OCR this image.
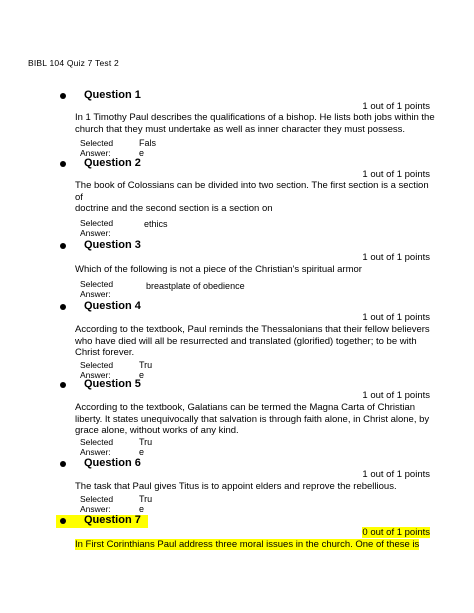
BIBL 104 Quiz 7 Test 2
Question 1
1 out of 1 points
In 1 Timothy Paul describes the qualifications of a bishop. He lists both jobs within the church that they must undertake as well as inner character they must possess.
Selected
Answer:
Fals
e
Question 2
1 out of 1 points
The book of Colossians can be divided into two section. The first section is a section
of
doctrine and the second section is a section on
Selected
Answer:
ethics
Question 3
1 out of 1 points
Which of the following is not a piece of the Christian's spiritual armor
Selected
Answer:
breastplate of obedience
Question 4
1 out of 1 points
According to the textbook, Paul reminds the Thessalonians that their fellow believers who have died will all be resurrected and translated (glorified) together; to be with Christ forever.
Selected
Answer:
Tru
e
Question 5
1 out of 1 points
According to the textbook, Galatians can be termed the Magna Carta of Christian liberty. It states unequivocally that salvation is through faith alone, in Christ alone, by grace alone, without works of any kind.
Selected
Answer:
Tru
e
Question 6
1 out of 1 points
The task that Paul gives Titus is to appoint elders and reprove the rebellious.
Selected
Answer:
Tru
e
Question 7
0 out of 1 points
In First Corinthians Paul address three moral issues in the church. One of these is
